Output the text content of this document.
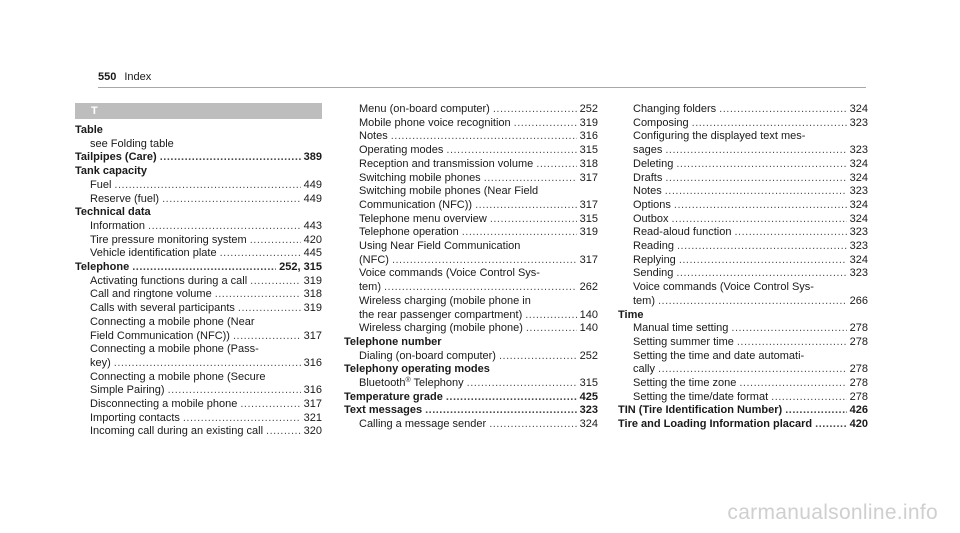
550 Index
T
Table
see Folding table
Tailpipes (Care) .....	389
Tank capacity
Fuel .....	449
Reserve (fuel) .....	449
Technical data
Information .....	443
Tire pressure monitoring system .....	420
Vehicle identification plate .....	445
Telephone .....	252, 315
Activating functions during a call .....	319
Call and ringtone volume .....	318
Calls with several participants .....	319
Connecting a mobile phone (Near
Field Communication (NFC)) .....	317
Connecting a mobile phone (Pass-
key) .....	316
Connecting a mobile phone (Secure
Simple Pairing) .....	316
Disconnecting a mobile phone .....	317
Importing contacts .....	321
Incoming call during an existing call .....	320
Menu (on-board computer) .....	252
Mobile phone voice recognition .....	319
Notes .....	316
Operating modes .....	315
Reception and transmission volume .....	318
Switching mobile phones .....	317
Switching mobile phones (Near Field
Communication (NFC)) .....	317
Telephone menu overview .....	315
Telephone operation .....	319
Using Near Field Communication
(NFC) .....	317
Voice commands (Voice Control Sys-
tem) .....	262
Wireless charging (mobile phone in
the rear passenger compartment) .....	140
Wireless charging (mobile phone) .....	140
Telephone number
Dialing (on-board computer) .....	252
Telephony operating modes
Bluetooth® Telephony .....	315
Temperature grade .....	425
Text messages .....	323
Calling a message sender .....	324
Changing folders .....	324
Composing .....	323
Configuring the displayed text mes-
sages .....	323
Deleting .....	324
Drafts .....	324
Notes .....	323
Options .....	324
Outbox .....	324
Read-aloud function .....	323
Reading .....	323
Replying .....	324
Sending .....	323
Voice commands (Voice Control Sys-
tem) .....	266
Time
Manual time setting .....	278
Setting summer time .....	278
Setting the time and date automati-
cally .....	278
Setting the time zone .....	278
Setting the time/date format .....	278
TIN (Tire Identification Number) .....	426
Tire and Loading Information placard .....	420
carmanualsonline.info
